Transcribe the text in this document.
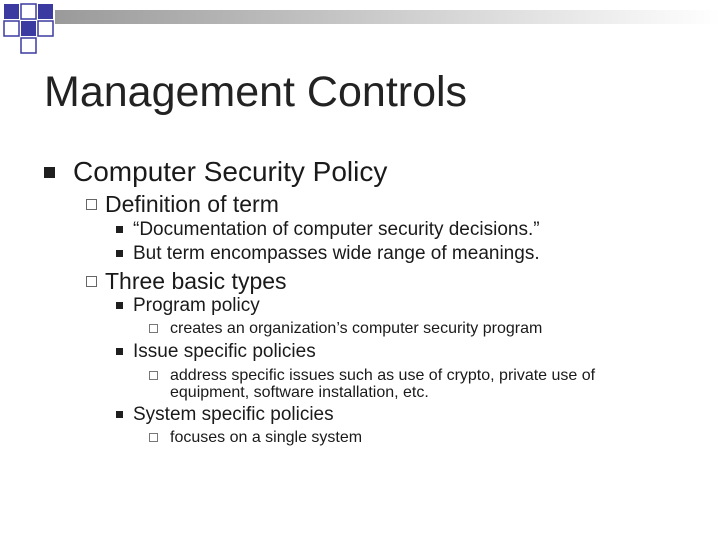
Management Controls
Computer Security Policy
Definition of term
“Documentation of computer security decisions.”
But term encompasses wide range of meanings.
Three basic types
Program policy
creates an organization’s computer security program
Issue specific policies
address specific issues such as use of crypto, private use of
equipment, software installation, etc.
System specific policies
focuses on a single system
